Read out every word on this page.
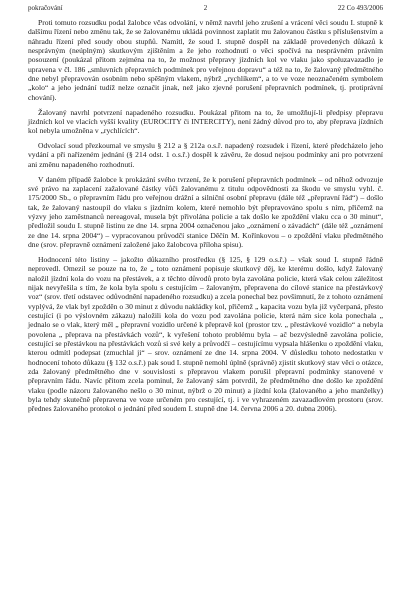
pokračování	2	22 Co 493/2006

Proti tomuto rozsudku podal žalobce včas odvolání, v němž navrhl jeho zrušení a vrácení věci soudu I. stupně k dalšímu řízení nebo změnu tak, že se žalovanému ukládá povinnost zaplatit mu žalovanou částku s příslušenstvím a náhradu řízení před soudy obou stupňů. Namítl, že soud I. stupně dospěl na základě provedených důkazů k nesprávným (neúplným) skutkovým zjištěním a že jeho rozhodnutí o věci spočívá na nesprávném právním posouzení (poukázal přitom zejména na to, že možnost přepravy jízdních kol ve vlaku jako spoluzavazadlo je upravena v čl. 186 „smluvních přepravních podmínek pro veřejnou dopravu“ a též na to, že žalovaný předmětného dne nebyl přepravován osobním nebo spěšným vlakem, nýbrž „rychlíkem“, a to ve voze neoznačeném symbolem „kolo“ a jeho jednání tudíž nelze označit jinak, než jako zjevné porušení přepravních podmínek, tj. protiprávní chování).

Žalovaný navrhl potvrzení napadeného rozsudku. Poukázal přitom na to, že umožňují-li předpisy přepravu jízdních kol ve vlacích vyšší kvality (EUROCITY či INTERCITY), není žádný důvod pro to, aby přeprava jízdních kol nebyla umožněna v „rychlících“.

Odvolací soud přezkoumal ve smyslu § 212 a § 212a o.s.ř. napadený rozsudek i řízení, které předcházelo jeho vydání a při nařízeném jednání (§ 214 odst. 1 o.s.ř.) dospěl k závěru, že dosud nejsou podmínky ani pro potvrzení ani změnu napadeného rozhodnutí.

V daném případě žalobce k prokázání svého tvrzení, že k porušení přepravních podmínek – od něhož odvozuje své právo na zaplacení zažalované částky vůči žalovanému z titulu odpovědnosti za škodu ve smyslu vyhl. č. 175/2000 Sb., o přepravním řádu pro veřejnou drážní a silniční osobní přepravu (dále též „přepravní řád“) – došlo tak, že žalovaný nastoupil do vlaku s jízdním kolem, které nemohlo být přepravováno spolu s ním, přičemž na výzvy jeho zaměstnanců nereagoval, musela být přivolána policie a tak došlo ke zpoždění vlaku cca o 30 minut“, předložil soudu I. stupně listinu ze dne 14. srpna 2004 označenou jako „oznámení o závadách“ (dále též „oznámení ze dne 14. srpna 2004“) – vypracovanou průvodčí stanice Děčín M. Kořínkovou – o zpoždění vlaku předmětného dne (srov. přepravně oznámení založené jako žalobcova příloha spisu).

Hodnocení této listiny – jakožto důkazního prostředku (§ 125, § 129 o.s.ř.) – však soud I. stupně řádně neprovedl. Omezil se pouze na to, že „ toto oznámení popisuje skutkový děj, ke kterému došlo, když žalovaný naložil jízdní kola do vozu na přestávek, a z těchto důvodů proto byla zavolána policie, která však celou záležitost nijak nevyřešila s tím, že kola byla spolu s cestujícím – žalovaným, přepravena do cílové stanice na přestávkový voz“ (srov. třetí odstavec odůvodnění napadeného rozsudku) a zcela ponechal bez povšimnutí, že z tohoto oznámení vyplývá, že vlak byl zpožděn o 30 minut z důvodu nakládky kol, přičemž „ kapacita vozu byla již vyčerpaná, přesto cestující (i po výslovném zákazu) naložili kola do vozu pod zavolána policie, která nám sice kola ponechala „ jednalo se o vlak, který měl „ přepravní vozidlo určené k přepravě kol (prostor tzv. „ přestávkové vozidlo“ a nebyla povolena „ přeprava na přestávkách vozů“, k vyřešení tohoto problému byla – ač bezvýsledně zavolána policie, cestující se přestávkou na přestávkách vozů si své kely a průvodčí – cestujícímu vypsala hlášenku o zpoždění vlaku, kterou odmítl podepsat (zmuchlal ji“ – srov. oznámení ze dne 14. srpna 2004. V důsledku tohoto nedostatku v hodnocení tohoto důkazu (§ 132 o.s.ř.) pak soud I. stupně nemohl úplně (správně) zjistit skutkový stav věci o otázce, zda žalovaný předmětného dne v souvislosti s přepravou vlakem porušil přepravní podmínky stanovené v přepravním řádu. Navíc přitom zcela pominul, že žalovaný sám potvrdil, že předmětného dne došlo ke zpoždění vlaku (podle názoru žalovaného nešlo o 30 minut, nýbrž o 20 minut) a jízdní kola (žalovaného a jeho manželky) byla tehdy skutečně přepravena ve voze určeném pro cestující, tj. i ve vyhrazeném zavazadlovém prostoru (srov. přednes žalovaného protokol o jednání před soudem I. stupně dne 14. června 2006 a 20. dubna 2006).
